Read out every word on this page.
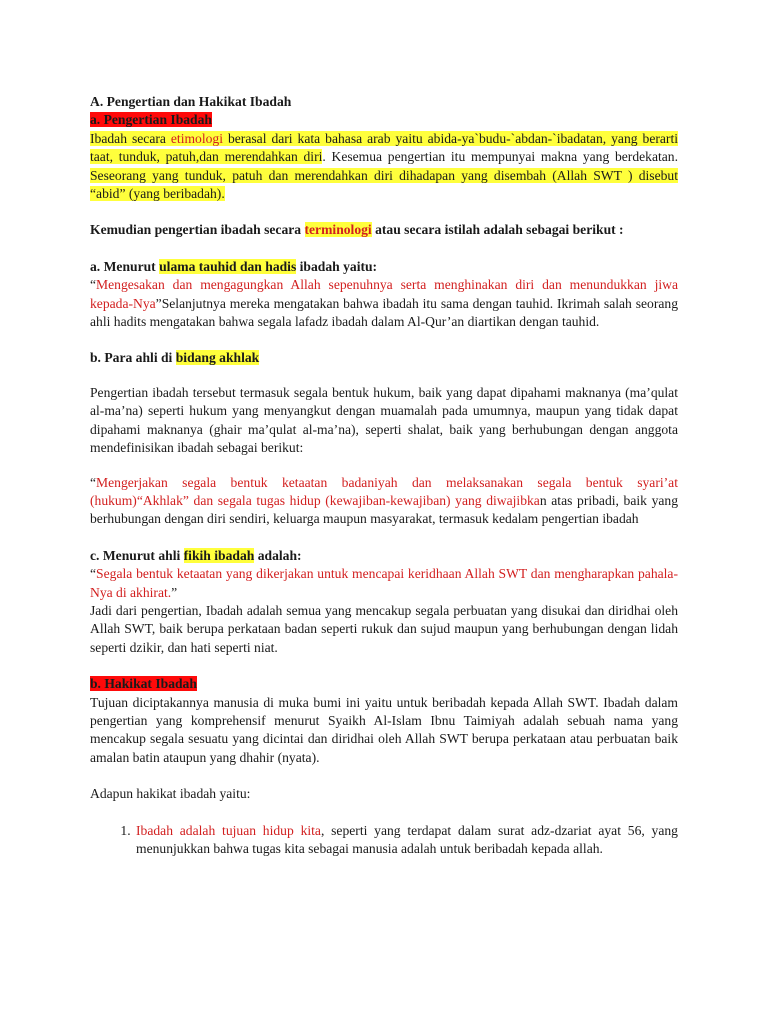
A. Pengertian dan Hakikat Ibadah

a. Pengertian Ibadah

Ibadah secara etimologi berasal dari kata bahasa arab yaitu abida-ya`budu-`abdan-`ibadatan, yang berarti taat, tunduk, patuh,dan merendahkan diri. Kesemua pengertian itu mempunyai makna yang berdekatan. Seseorang yang tunduk, patuh dan merendahkan diri dihadapan yang disembah (Allah SWT ) disebut “abid” (yang beribadah).

Kemudian pengertian ibadah secara terminologi atau secara istilah adalah sebagai berikut :

a. Menurut ulama tauhid dan hadis ibadah yaitu:

“Mengesakan dan mengagungkan Allah sepenuhnya serta menghinakan diri dan menundukkan jiwa kepada-Nya”Selanjutnya mereka mengatakan bahwa ibadah itu sama dengan tauhid. Ikrimah salah seorang ahli hadits mengatakan bahwa segala lafadz ibadah dalam Al-Qur’an diartikan dengan tauhid.

b. Para ahli di bidang akhlak

Pengertian ibadah tersebut termasuk segala bentuk hukum, baik yang dapat dipahami maknanya (ma’qulat al-ma’na) seperti hukum yang menyangkut dengan muamalah pada umumnya, maupun yang tidak dapat dipahami maknanya (ghair ma’qulat al-ma’na), seperti shalat, baik yang berhubungan dengan anggota mendefinisikan ibadah sebagai berikut:

“Mengerjakan segala bentuk ketaatan badaniyah dan melaksanakan segala bentuk syari’at (hukum)“Akhlak” dan segala tugas hidup (kewajiban-kewajiban) yang diwajibkan atas pribadi, baik yang berhubungan dengan diri sendiri, keluarga maupun masyarakat, termasuk kedalam pengertian ibadah

c. Menurut ahli fikih ibadah adalah:

“Segala bentuk ketaatan yang dikerjakan untuk mencapai keridhaan Allah SWT dan mengharapkan pahala-Nya di akhirat.”

Jadi dari pengertian, Ibadah adalah semua yang mencakup segala perbuatan yang disukai dan diridhai oleh Allah SWT, baik berupa perkataan badan seperti rukuk dan sujud maupun yang berhubungan dengan lidah seperti dzikir, dan hati seperti niat.

b. Hakikat Ibadah

Tujuan diciptakannya manusia di muka bumi ini yaitu untuk beribadah kepada Allah SWT. Ibadah dalam pengertian yang komprehensif menurut Syaikh Al-Islam Ibnu Taimiyah adalah sebuah nama yang mencakup segala sesuatu yang dicintai dan diridhai oleh Allah SWT berupa perkataan atau perbuatan baik amalan batin ataupun yang dhahir (nyata).

Adapun hakikat ibadah yaitu:

1. Ibadah adalah tujuan hidup kita, seperti yang terdapat dalam surat adz-dzariat ayat 56, yang menunjukkan bahwa tugas kita sebagai manusia adalah untuk beribadah kepada allah.
